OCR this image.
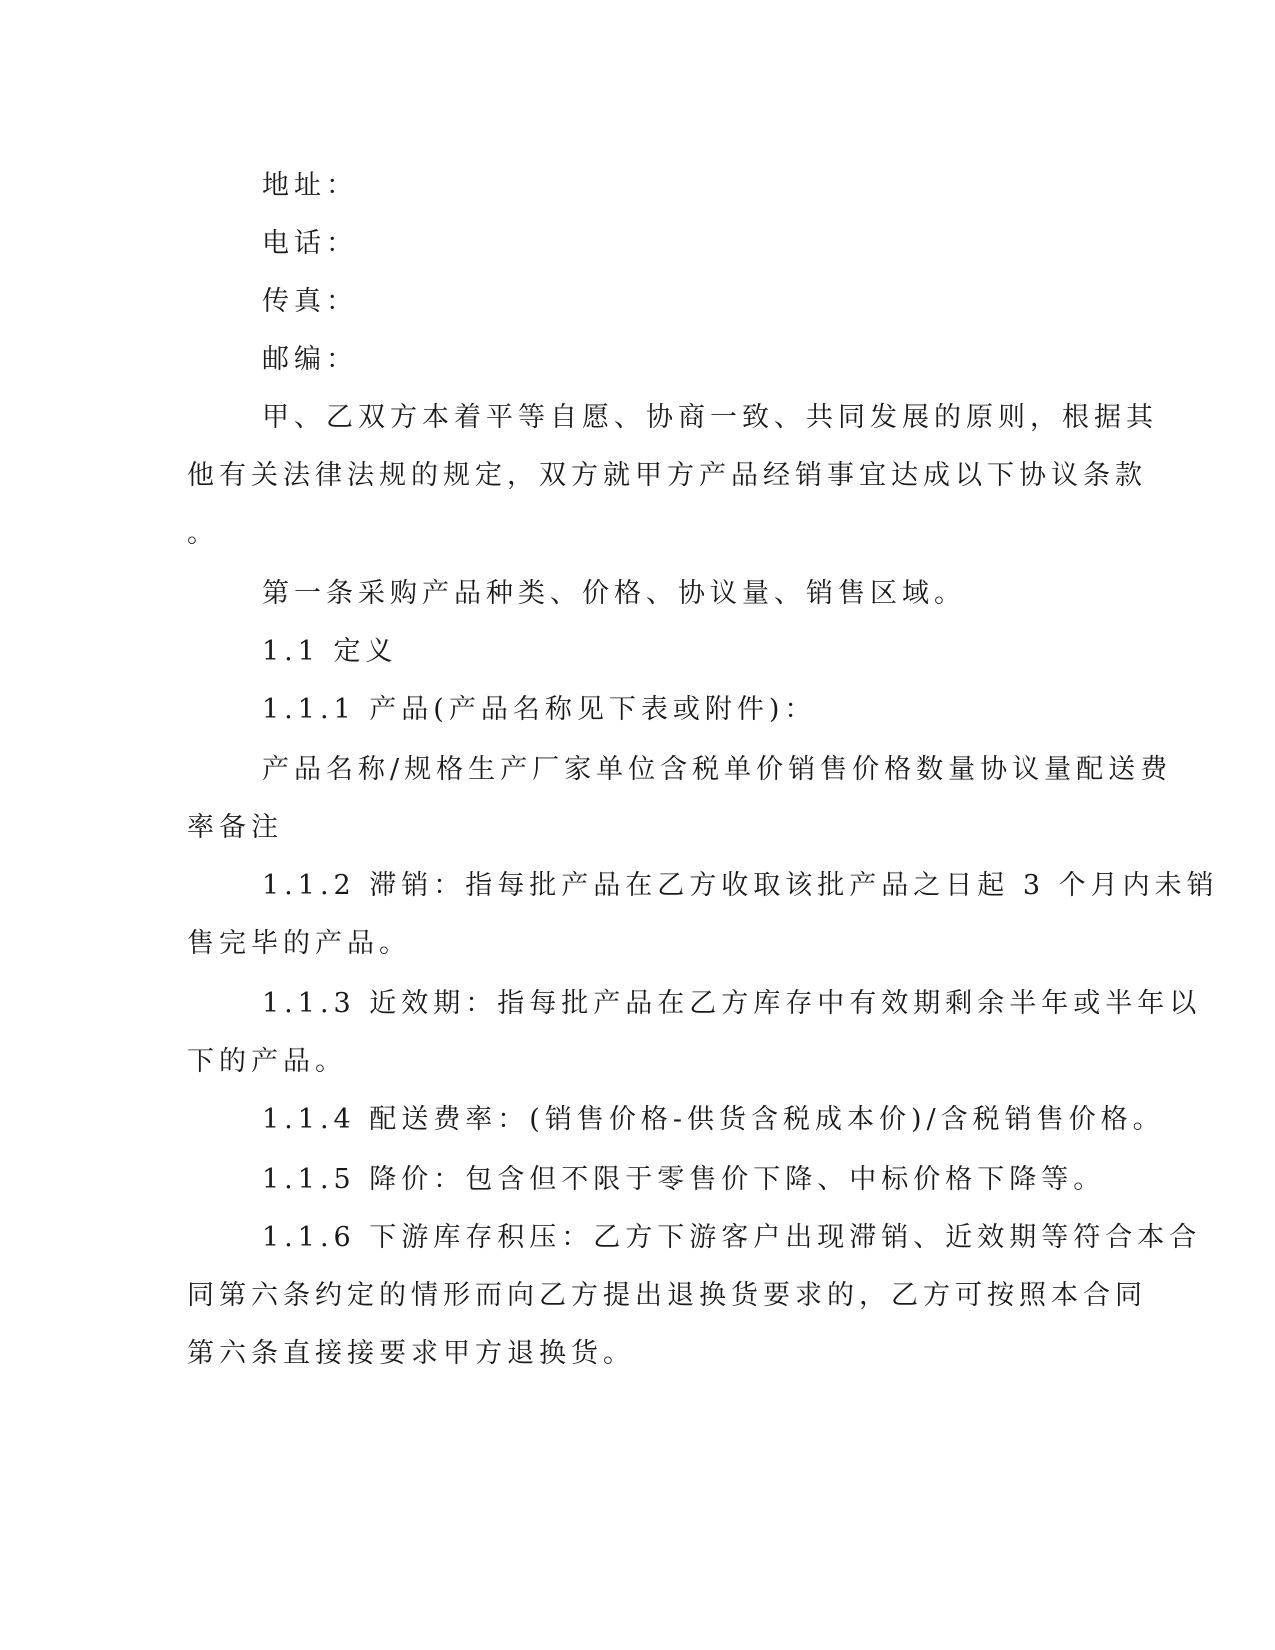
地址：
电话：
传真：
邮编：
甲、乙双方本着平等自愿、协商一致、共同发展的原则，根据其
他有关法律法规的规定，双方就甲方产品经销事宜达成以下协议条款
。
第一条采购产品种类、价格、协议量、销售区域。
1.1 定义
1.1.1 产品(产品名称见下表或附件)：
产品名称/规格生产厂家单位含税单价销售价格数量协议量配送费
率备注
1.1.2 滞销：指每批产品在乙方收取该批产品之日起 3 个月内未销
售完毕的产品。
1.1.3 近效期：指每批产品在乙方库存中有效期剩余半年或半年以
下的产品。
1.1.4 配送费率：(销售价格-供货含税成本价)/含税销售价格。
1.1.5 降价：包含但不限于零售价下降、中标价格下降等。
1.1.6 下游库存积压：乙方下游客户出现滞销、近效期等符合本合
同第六条约定的情形而向乙方提出退换货要求的，乙方可按照本合同
第六条直接接要求甲方退换货。
